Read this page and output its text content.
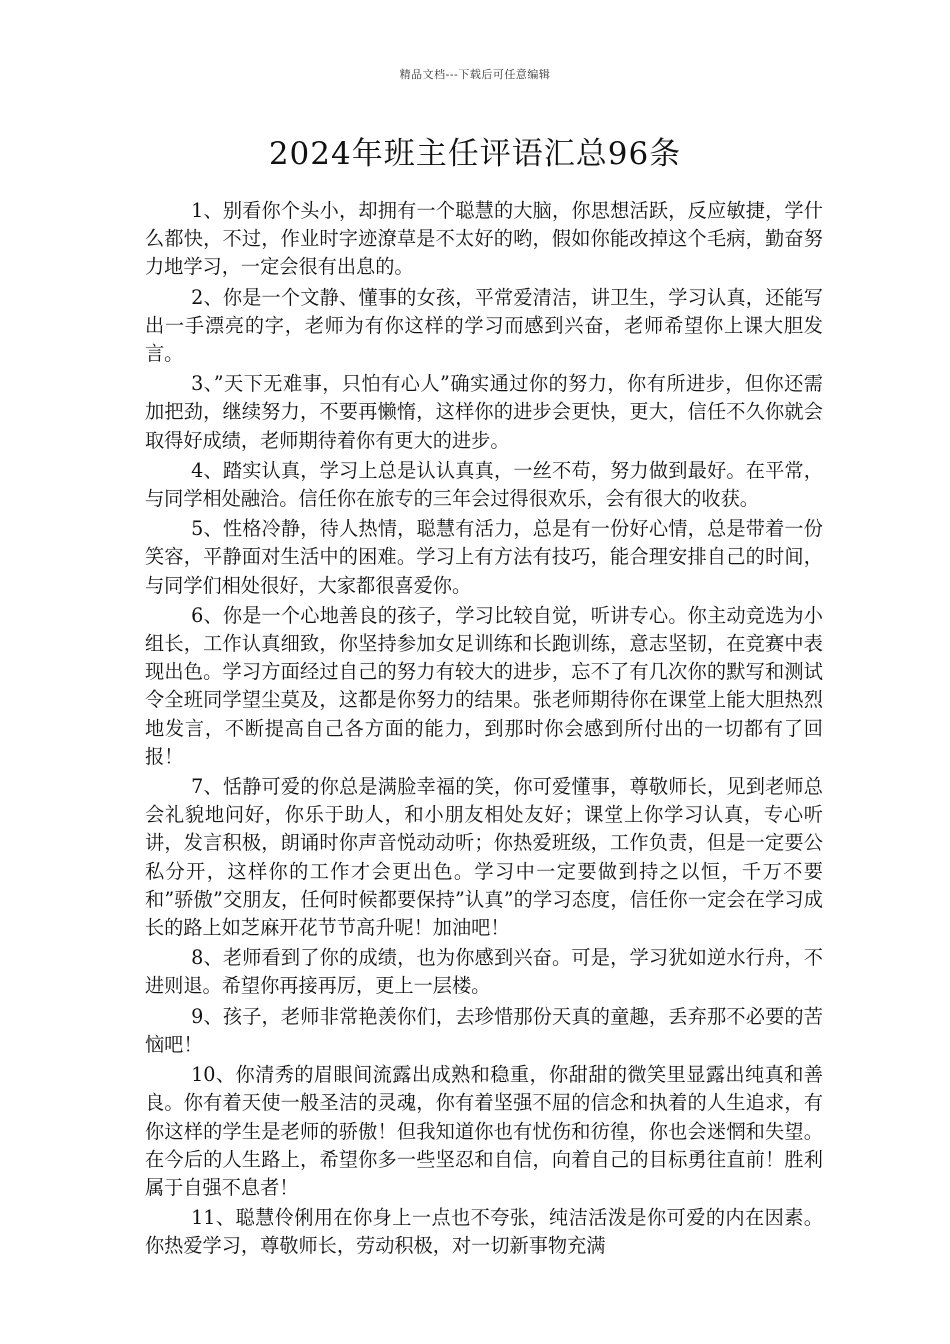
精品文档---下载后可任意编辑
2024年班主任评语汇总96条

1、别看你个头小，却拥有一个聪慧的大脑，你思想活跃，反应敏捷，学什么都快，不过，作业时字迹潦草是不太好的哟，假如你能改掉这个毛病，勤奋努力地学习，一定会很有出息的。

2、你是一个文静、懂事的女孩，平常爱清洁，讲卫生，学习认真，还能写出一手漂亮的字，老师为有你这样的学习而感到兴奋，老师希望你上课大胆发言。

3、”天下无难事，只怕有心人”确实通过你的努力，你有所进步，但你还需加把劲，继续努力，不要再懒惰，这样你的进步会更快，更大，信任不久你就会取得好成绩，老师期待着你有更大的进步。

4、踏实认真，学习上总是认认真真，一丝不苟，努力做到最好。在平常，与同学相处融洽。信任你在旅专的三年会过得很欢乐，会有很大的收获。

5、性格冷静，待人热情，聪慧有活力，总是有一份好心情，总是带着一份笑容，平静面对生活中的困难。学习上有方法有技巧，能合理安排自己的时间，与同学们相处很好，大家都很喜爱你。

6、你是一个心地善良的孩子，学习比较自觉，听讲专心。你主动竞选为小组长，工作认真细致，你坚持参加女足训练和长跑训练，意志坚韧，在竞赛中表现出色。学习方面经过自己的努力有较大的进步，忘不了有几次你的默写和测试令全班同学望尘莫及，这都是你努力的结果。张老师期待你在课堂上能大胆热烈地发言，不断提高自己各方面的能力，到那时你会感到所付出的一切都有了回报！

7、恬静可爱的你总是满脸幸福的笑，你可爱懂事，尊敬师长，见到老师总会礼貌地问好，你乐于助人，和小朋友相处友好；课堂上你学习认真，专心听讲，发言积极，朗诵时你声音悦动动听；你热爱班级，工作负责，但是一定要公私分开，这样你的工作才会更出色。学习中一定要做到持之以恒，千万不要和”骄傲”交朋友，任何时候都要保持”认真”的学习态度，信任你一定会在学习成长的路上如芝麻开花节节高升呢！加油吧！

8、老师看到了你的成绩，也为你感到兴奋。可是，学习犹如逆水行舟，不进则退。希望你再接再厉，更上一层楼。

9、孩子，老师非常艳羡你们，去珍惜那份天真的童趣，丢弃那不必要的苦恼吧！

10、你清秀的眉眼间流露出成熟和稳重，你甜甜的微笑里显露出纯真和善良。你有着天使一般圣洁的灵魂，你有着坚强不屈的信念和执着的人生追求，有你这样的学生是老师的骄傲！但我知道你也有忧伤和彷徨，你也会迷惘和失望。在今后的人生路上，希望你多一些坚忍和自信，向着自己的目标勇往直前！胜利属于自强不息者！

11、聪慧伶俐用在你身上一点也不夸张，纯洁活泼是你可爱的内在因素。你热爱学习，尊敬师长，劳动积极，对一切新事物充满
